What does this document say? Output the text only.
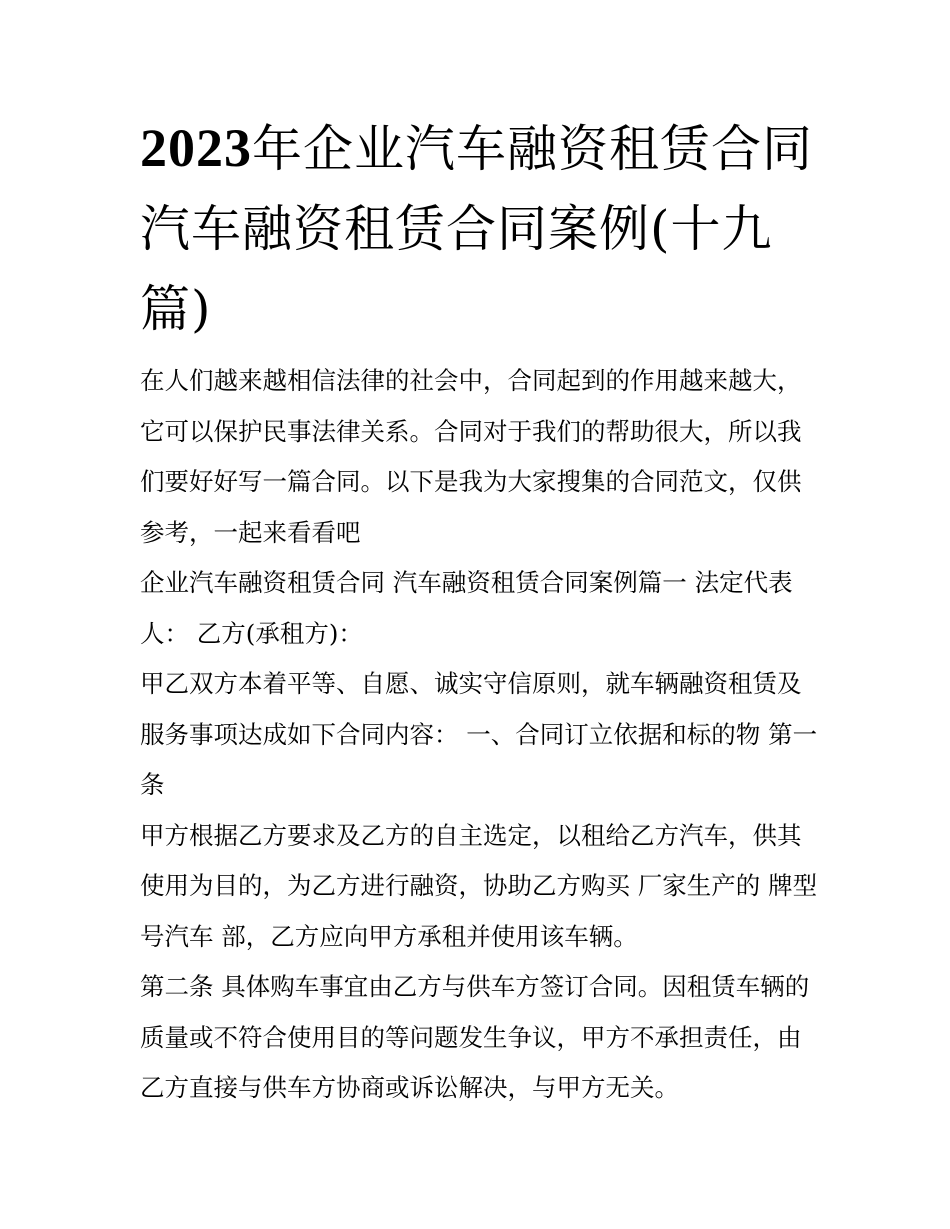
2023年企业汽车融资租赁合同汽车融资租赁合同案例(十九篇)

在人们越来越相信法律的社会中，合同起到的作用越来越大，它可以保护民事法律关系。合同对于我们的帮助很大，所以我们要好好写一篇合同。以下是我为大家搜集的合同范文，仅供参考，一起来看看吧

企业汽车融资租赁合同 汽车融资租赁合同案例篇一 法定代表人： 乙方(承租方)：

甲乙双方本着平等、自愿、诚实守信原则，就车辆融资租赁及服务事项达成如下合同内容： 一、合同订立依据和标的物 第一条

甲方根据乙方要求及乙方的自主选定，以租给乙方汽车，供其使用为目的，为乙方进行融资，协助乙方购买 厂家生产的 牌型号汽车 部，乙方应向甲方承租并使用该车辆。

第二条 具体购车事宜由乙方与供车方签订合同。因租赁车辆的质量或不符合使用目的等问题发生争议，甲方不承担责任，由乙方直接与供车方协商或诉讼解决，与甲方无关。
